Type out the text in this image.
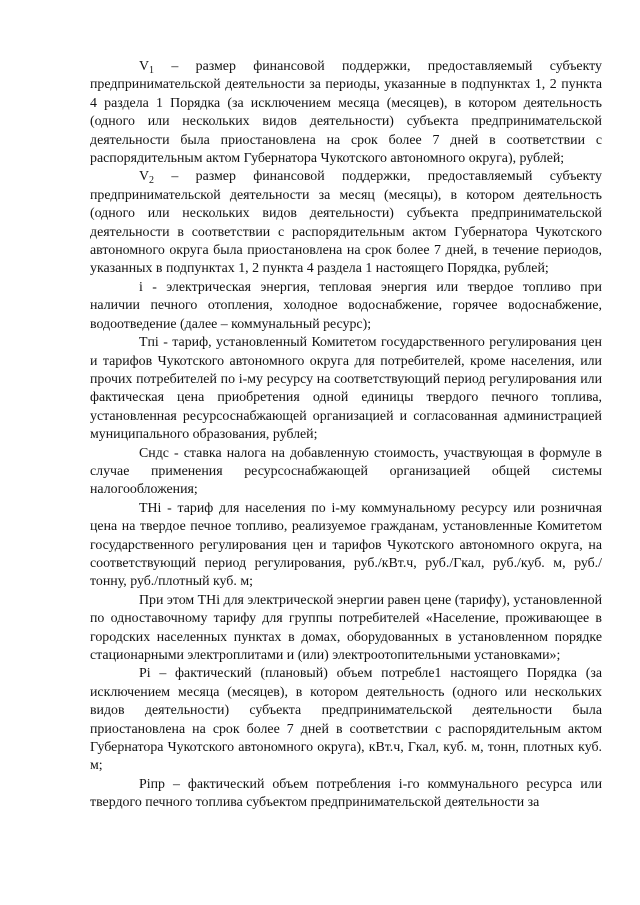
$V_1$ – размер финансовой поддержки, предоставляемый субъекту предпринимательской деятельности за периоды, указанные в подпунктах 1, 2 пункта 4 раздела 1 Порядка (за исключением месяца (месяцев), в котором деятельность (одного или нескольких видов деятельности) субъекта предпринимательской деятельности была приостановлена на срок более 7 дней в соответствии с распорядительным актом Губернатора Чукотского автономного округа), рублей;

$V_2$ – размер финансовой поддержки, предоставляемый субъекту предпринимательской деятельности за месяц (месяцы), в котором деятельность (одного или нескольких видов деятельности) субъекта предпринимательской деятельности в соответствии с распорядительным актом Губернатора Чукотского автономного округа была приостановлена на срок более 7 дней, в течение периодов, указанных в подпунктах 1, 2 пункта 4 раздела 1 настоящего Порядка, рублей;

i - электрическая энергия, тепловая энергия или твердое топливо при наличии печного отопления, холодное водоснабжение, горячее водоснабжение, водоотведение (далее – коммунальный ресурс);

Tпi - тариф, установленный Комитетом государственного регулирования цен и тарифов Чукотского автономного округа для потребителей, кроме населения, или прочих потребителей по i-му ресурсу на соответствующий период регулирования или фактическая цена приобретения одной единицы твердого печного топлива, установленная ресурсоснабжающей организацией и согласованная администрацией муниципального образования, рублей;

Cндс - ставка налога на добавленную стоимость, участвующая в формуле в случае применения ресурсоснабжающей организацией общей системы налогообложения;

THi - тариф для населения по i-му коммунальному ресурсу или розничная цена на твердое печное топливо, реализуемое гражданам, установленные Комитетом государственного регулирования цен и тарифов Чукотского автономного округа, на соответствующий период регулирования, руб./кВт.ч, руб./Гкал, руб./куб. м, руб./тонну, руб./плотный куб. м;

При этом THi для электрической энергии равен цене (тарифу), установленной по одноставочному тарифу для группы потребителей «Население, проживающее в городских населенных пунктах в домах, оборудованных в установленном порядке стационарными электроплитами и (или) электроотопительными установками»;

Pi – фактический (плановый) объем потребле1 настоящего Порядка (за исключением месяца (месяцев), в котором деятельность (одного или нескольких видов деятельности) субъекта предпринимательской деятельности была приостановлена на срок более 7 дней в соответствии с распорядительным актом Губернатора Чукотского автономного округа), кВт.ч, Гкал, куб. м, тонн, плотных куб. м;

Piпр – фактический объем потребления i-го коммунального ресурса или твердого печного топлива субъектом предпринимательской деятельности за
